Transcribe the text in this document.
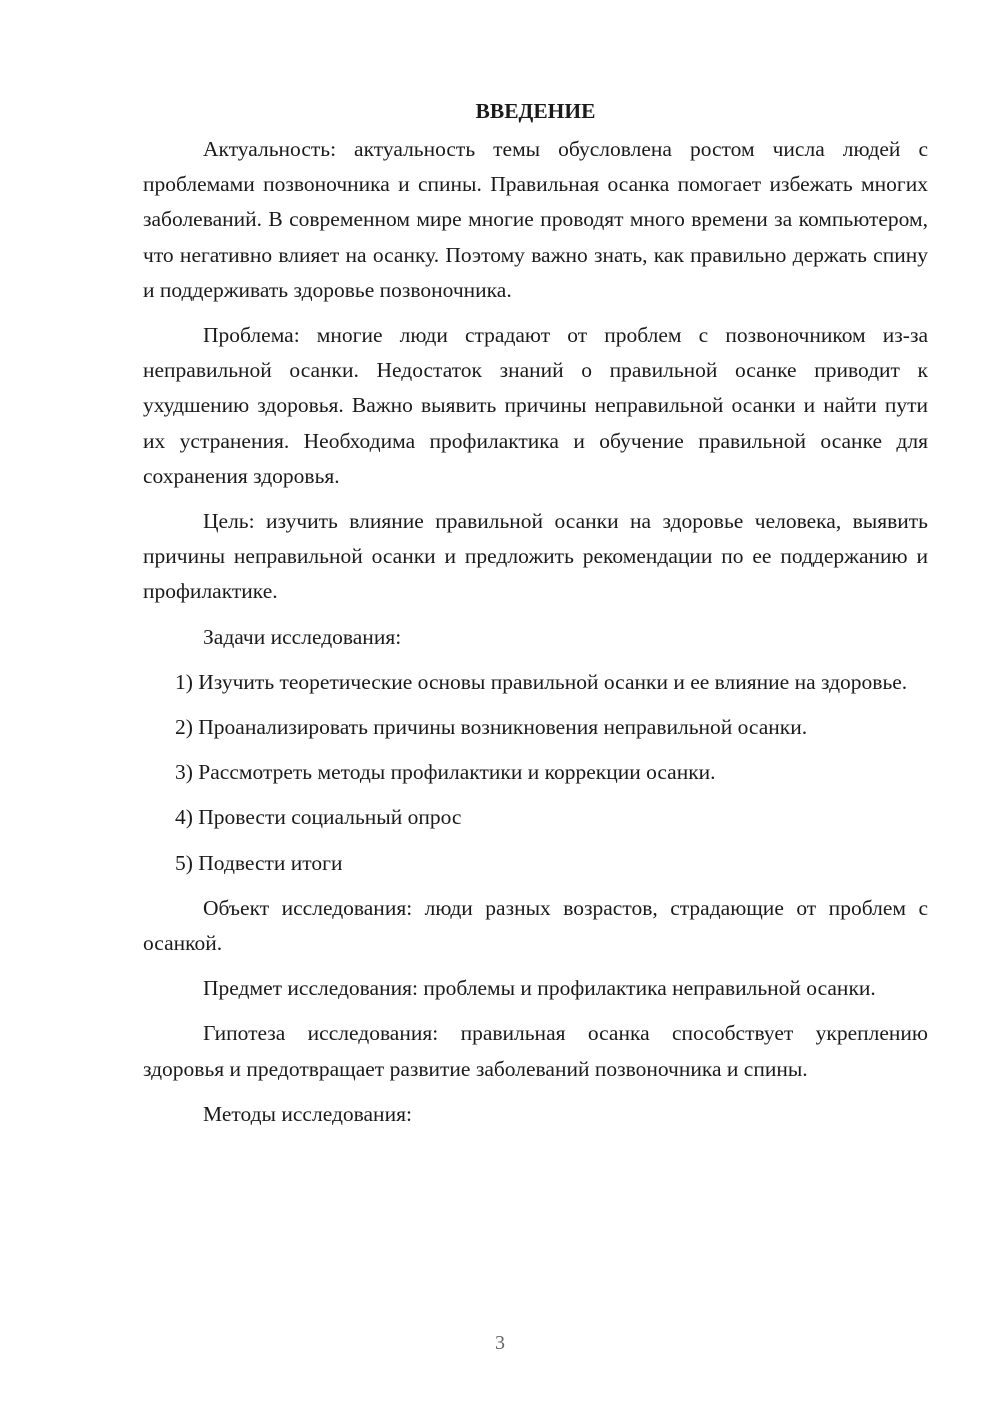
ВВЕДЕНИЕ

Актуальность: актуальность темы обусловлена ростом числа людей с проблемами позвоночника и спины. Правильная осанка помогает избежать многих заболеваний. В современном мире многие проводят много времени за компьютером, что негативно влияет на осанку. Поэтому важно знать, как правильно держать спину и поддерживать здоровье позвоночника.

Проблема: многие люди страдают от проблем с позвоночником из-за неправильной осанки. Недостаток знаний о правильной осанке приводит к ухудшению здоровья. Важно выявить причины неправильной осанки и найти пути их устранения. Необходима профилактика и обучение правильной осанке для сохранения здоровья.

Цель: изучить влияние правильной осанки на здоровье человека, выявить причины неправильной осанки и предложить рекомендации по ее поддержанию и профилактике.

Задачи исследования:

1) Изучить теоретические основы правильной осанки и ее влияние на здоровье.

2) Проанализировать причины возникновения неправильной осанки.

3) Рассмотреть методы профилактики и коррекции осанки.

4) Провести социальный опрос

5) Подвести итоги

Объект исследования: люди разных возрастов, страдающие от проблем с осанкой.

Предмет исследования: проблемы и профилактика неправильной осанки.

Гипотеза исследования: правильная осанка способствует укреплению здоровья и предотвращает развитие заболеваний позвоночника и спины.

Методы исследования:

3
